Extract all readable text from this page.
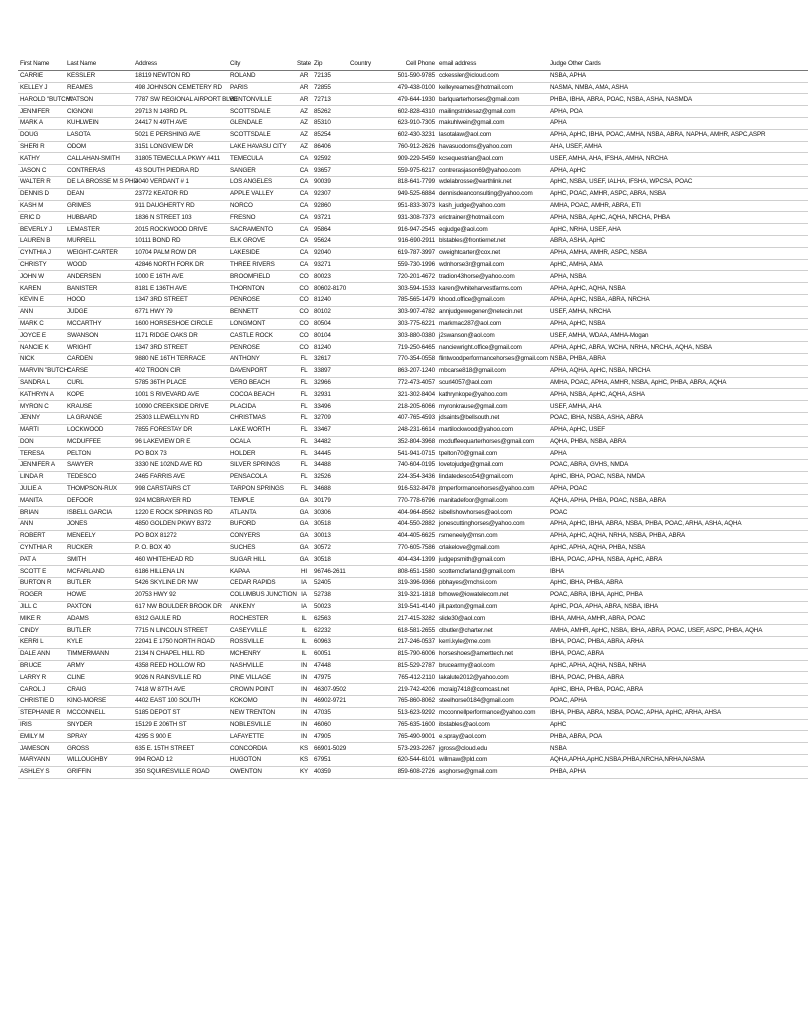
First Name	Last Name	Address	City	State	Zip	Country	Cell Phone	email address	Judge Other Cards
CARRIE	KESSLER	18119 NEWTON RD	ROLAND	AR	72135		501-590-9785	cckessler@icloud.com	NSBA, APHA
KELLEY J	REAMES	498 JOHNSON CEMETERY RD	PARIS	AR	72855		479-438-0100	kelleyreames@hotmail.com	NASMA, NMBA, AMA, ASHA
HAROLD "BUTCH"	WATSON	7787 SW REGIONAL AIRPORT BLVD	BENTONVILLE	AR	72713		479-644-1930	barlquarterhorses@gmail.com	PHBA, IBHA, ABRA, POAC, NSBA, ASHA, NASMDA
JENNIFER	CIGNONI	29713 N 143RD PL	SCOTTSDALE	AZ	85262		602-828-4310	mailingstridesaz@gmail.com	APHA, POA
MARK A	KUHLWEIN	24417 N 49TH AVE	GLENDALE	AZ	85310		623-910-7305	makuhlwein@gmail.com	APHA
DOUG	LASOTA	5021 E PERSHING AVE	SCOTTSDALE	AZ	85254		602-430-3231	lasotalaw@aol.com	APHA, ApHC, IBHA, POAC, AMHA, NSBA, ABRA, NAPHA, AMHR, ASPC,ASPR
SHERI R	ODOM	3151 LONGVIEW DR	LAKE HAVASU CITY	AZ	86406		760-912-2626	havasuodoms@yahoo.com	AHA, USEF, AMHA
KATHY	CALLAHAN-SMITH	31805 TEMECULA PKWY #411	TEMECULA	CA	92592		909-229-5459	kcsequestrian@aol.com	USEF, AMHA, AHA, IFSHA, AMHA, NRCHA
JASON C	CONTRERAS	43 SOUTH PIEDRA RD	SANGER	CA	93657		559-975-6217	contrerasjason69@yahoo.com	APHA, ApHC
WALTER R	DE LA BROSSE M S PHD	4040 VERDANT # 1	LOS ANGELES	CA	90039		818-641-7799	wdelabrosse@earthlink.net	ApHC, NSBA, USEF, IALHA, IFSHA, WPCSA, POAC
DENNIS D	DEAN	23772 KEATOR RD	APPLE VALLEY	CA	92307		949-525-6884	dennisdeanconsulting@yahoo.com	ApHC, POAC, AMHR, ASPC, ABRA, NSBA
KASH M	GRIMES	911 DAUGHERTY RD	NORCO	CA	92860		951-833-3073	kash_judge@yahoo.com	AMHA, POAC, AMHR, ABRA, ETI
ERIC D	HUBBARD	1836 N STREET 103	FRESNO	CA	93721		931-308-7373	erictrainer@hotmail.com	APHA, NSBA, ApHC, AQHA, NRCHA, PHBA
BEVERLY J	LEMASTER	2015 ROCKWOOD DRIVE	SACRAMENTO	CA	95864		916-947-2545	eqjudge@aol.com	ApHC, NRHA, USEF, AHA
LAUREN B	MURRELL	10111 BOND RD	ELK GROVE	CA	95624		916-690-2911	blstables@frontiernet.net	ABRA, ASHA, ApHC
CYNTHIA J	WEIGHT-CARTER	10704 PALM ROW DR	LAKESIDE	CA	92040		619-787-3997	cweightcarter@cox.net	APHA, AMHA, AMHR, ASPC, NSBA
CHRISTY	WOOD	42846 NORTH FORK DR	THREE RIVERS	CA	93271		559-730-1996	wdnhorse3r@gmail.com	ApHC, AMHA, AMA
JOHN W	ANDERSEN	1000 E 16TH AVE	BROOMFIELD	CO	80023		720-201-4672	tradion43horse@yahoo.com	APHA, NSBA
KAREN	BANISTER	8181 E 136TH AVE	THORNTON	CO	80602-8170		303-594-1533	karen@whiteharvestfarms.com	APHA, ApHC, AQHA, NSBA
KEVIN E	HOOD	1347 3RD STREET	PENROSE	CO	81240		785-565-1479	khood.office@gmail.com	APHA, ApHC, NSBA, ABRA, NRCHA
ANN	JUDGE	6771 HWY 79	BENNETT	CO	80102		303-907-4782	annjudgewegener@netecin.net	USEF, AMHA, NRCHA
MARK C	MCCARTHY	1600 HORSESHOE CIRCLE	LONGMONT	CO	80504		303-775-6221	markmac287@aol.com	APHA, ApHC, NSBA
JOYCE E	SWANSON	1171 RIDGE OAKS DR	CASTLE ROCK	CO	80104		303-880-0380	j2swanson@aol.com	USEF, AMHA, WDAA, AMHA-Mogan
NANCIE K	WRIGHT	1347 3RD STREET	PENROSE	CO	81240		719-250-6465	nanciewright.office@gmail.com	APHA, ApHC, ABRA, WCHA, NRHA, NRCHA, AQHA, NSBA
NICK	CARDEN	9880 NE 16TH TERRACE	ANTHONY	FL	32617		770-354-0558	flintwoodperformancehorses@gmail.com	NSBA, PHBA, ABRA
MARVIN "BUTCH"	CARSE	402 TROON CIR	DAVENPORT	FL	33897		863-207-1240	mbcarse818@gmail.com	APHA, AQHA, ApHC, NSBA, NRCHA
SANDRA L	CURL	5785 36TH PLACE	VERO BEACH	FL	32966		772-473-4057	scurl4057@aol.com	AMHA, POAC, APHA, AMHR, NSBA, ApHC, PHBA, ABRA, AQHA
KATHRYN A	KOPE	1001 S RIVEVARD AVE	COCOA BEACH	FL	32931		321-302-8404	kathrynkope@yahoo.com	APHA, NSBA, ApHC, AQHA, ASHA
MYRON C	KRAUSE	10090 CREEKSIDE DRIVE	PLACIDA	FL	33496		218-205-6066	myronkrause@gmail.com	USEF, AMHA, AHA
JENNY	LA GRANGE	25303 LLEWELLYN RD	CHRISTMAS	FL	32709		407-765-4593	jdsaints@bellsouth.net	POAC, IBHA, NSBA, ASHA, ABRA
MARTI	LOCKWOOD	7855 FORESTAY DR	LAKE WORTH	FL	33467		248-231-6614	martilockwood@yahoo.com	APHA, ApHC, USEF
DON	MCDUFFEE	96 LAKEVIEW DR E	OCALA	FL	34482		352-804-3968	mcduffeequarterhorses@gmail.com	AQHA, PHBA, NSBA, ABRA
TERESA	PELTON	PO BOX 73	HOLDER	FL	34445		541-941-0715	tpelton70@gmail.com	APHA
JENNIFER A	SAWYER	3330 NE 102ND AVE RD	SILVER SPRINGS	FL	34488		740-604-0195	lovetojudge@gmail.com	POAC, ABRA, GVHS, NMDA
LINDA R	TEDESCO	2465 FARRIS AVE	PENSACOLA	FL	32526		224-354-3436	lindatedesco54@gmail.com	ApHC, IBHA, POAC, NSBA, NMDA
JULIE A	THOMPSON-RUX	998 CARSTAIRS CT	TARPON SPRINGS	FL	34688		916-532-8478	jtmperformancehorses@yahoo.com	APHA, POAC
MANITA	DEFOOR	924 MCBRAYER RD	TEMPLE	GA	30179		770-778-6796	manitadefoor@gmail.com	AQHA, APHA, PHBA, POAC, NSBA, ABRA
BRIAN	ISBELL GARCIA	1220 E ROCK SPRINGS RD	ATLANTA	GA	30306		404-964-8562	isbellshowhorses@aol.com	POAC
ANN	JONES	4850 GOLDEN PKWY B372	BUFORD	GA	30518		404-550-2882	jonescuttinghorses@yahoo.com	APHA, ApHC, IBHA, ABRA, NSBA, PHBA, POAC, ARHA, ASHA, AQHA
ROBERT	MENEELY	PO BOX 81272	CONYERS	GA	30013		404-405-6625	rsmeneely@msn.com	APHA, ApHC, AQHA, NRHA, NSBA, PHBA, ABRA
CYNTHIA R	RUCKER	P. O. BOX 40	SUCHES	GA	30572		770-605-7586	crlakelove@gmail.com	ApHC, APHA, AQHA, PHBA, NSBA
PAT A	SMITH	460 WHITEHEAD RD	SUGAR HILL	GA	30518		404-434-1399	judgepsmith@gmail.com	IBHA, POAC, APHA, NSBA, ApHC, ABRA
SCOTT E	MCFARLAND	6186 HILLENA LN	KAPAA	HI	96746-2611		808-651-1580	scottemcfarland@gmail.com	IBHA
BURTON R	BUTLER	5426 SKYLINE DR NW	CEDAR RAPIDS	IA	52405		319-396-9366	pbhayes@mchsi.com	ApHC, IBHA, PHBA, ABRA
ROGER	HOWE	20753 HWY 92	COLUMBUS JUNCTION	IA	52738		319-321-1818	brhowe@iowatelecom.net	POAC, ABRA, IBHA, ApHC, PHBA
JILL C	PAXTON	617 NW BOULDER BROOK DR	ANKENY	IA	50023		319-541-4140	jill.paxton@gmail.com	ApHC, POA, APHA, ABRA, NSBA, IBHA
MIKE R	ADAMS	6312 GAULE RD	ROCHESTER	IL	62563		217-415-3282	slide30@aol.com	IBHA, AMHA, AMHR, ABRA, POAC
CINDY	BUTLER	7715 N LINCOLN STREET	CASEYVILLE	IL	62232		618-581-2655	clbutler@charter.net	AMHA, AMHR, ApHC, NSBA, IBHA, ABRA, POAC, USEF, ASPC, PHBA, AQHA
KERRI L	KYLE	22041 E 1750 NORTH ROAD	ROSSVILLE	IL	60963		217-246-0537	kerri.kyle@me.com	IBHA, POAC, PHBA, ABRA, ARHA
DALE ANN	TIMMERMANN	2134 N CHAPEL HILL RD	MCHENRY	IL	60051		815-790-6006	horseshoes@amerttech.net	IBHA, POAC, ABRA
BRUCE	ARMY	4358 REED HOLLOW RD	NASHVILLE	IN	47448		815-529-2787	brucearmy@aol.com	ApHC, APHA, AQHA, NSBA, NRHA
LARRY R	CLINE	9026 N RAINSVILLE RD	PINE VILLAGE	IN	47975		765-412-2110	lakalute2012@yahoo.com	IBHA, POAC, PHBA, ABRA
CAROL J	CRAIG	7418 W 87TH AVE	CROWN POINT	IN	46307-9502		219-742-4206	mcraig7418@comcast.net	ApHC, IBHA, PHBA, POAC, ABRA
CHRISTIE D	KING-MORSE	4402 EAST 100 SOUTH	KOKOMO	IN	46902-9721		765-860-8062	steelhorse0184@gmail.com	POAC, APHA
STEPHANIE R	MCCONNELL	5185 DEPOT ST	NEW TRENTON	IN	47035		513-623-9292	mcconnellperformance@yahoo.com	IBHA, PHBA, ABRA, NSBA, POAC, APHA, ApHC, ARHA, AHSA
IRIS	SNYDER	15129 E 206TH ST	NOBLESVILLE	IN	46060		765-635-1600	ibstables@aol.com	ApHC
EMILY M	SPRAY	4295 S 900 E	LAFAYETTE	IN	47905		765-490-9001	e.spray@aol.com	PHBA, ABRA, POA
JAMESON	GROSS	635 E. 15TH STREET	CONCORDIA	KS	66901-5029		573-293-2267	jgross@cloud.edu	NSBA
MARYANN	WILLOUGHBY	994 ROAD 12	HUGOTON	KS	67951		620-544-6101	willmaw@pld.com	AQHA,APHA,ApHC,NSBA,PHBA,NRCHA,NRHA,NASMA
ASHLEY S	GRIFFIN	350 SQUIRESVILLE ROAD	OWENTON	KY	40359		859-608-2726	asghorse@gmail.com	PHBA, APHA
